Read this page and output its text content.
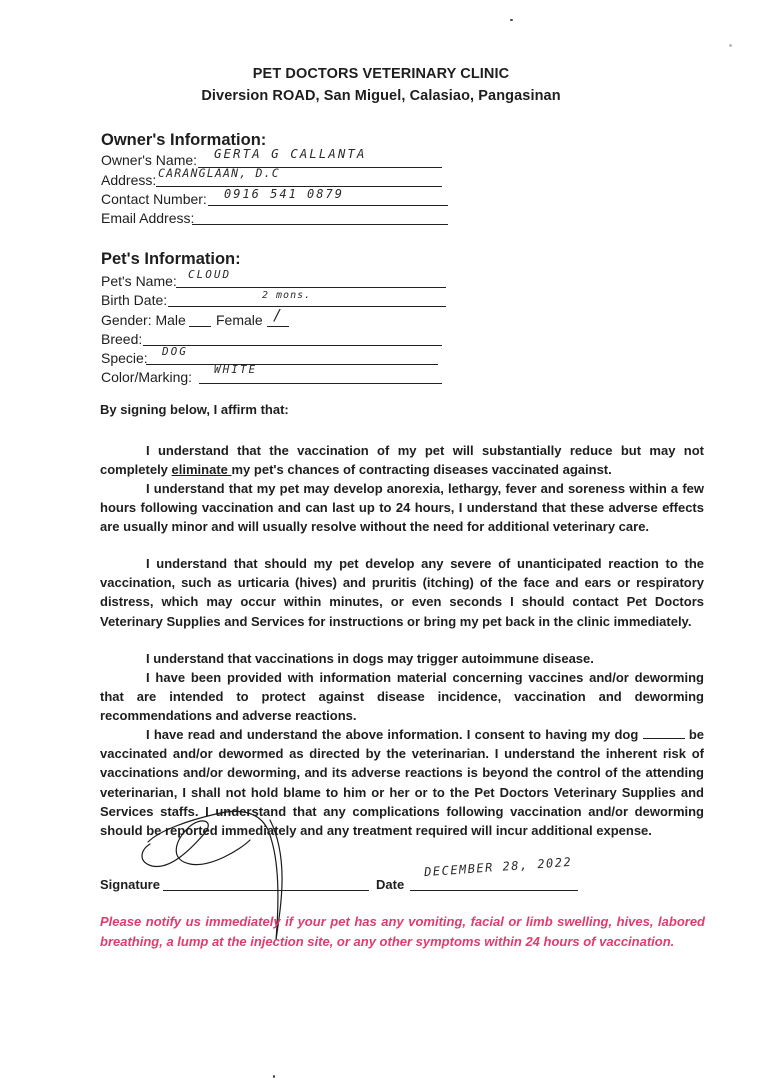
PET DOCTORS VETERINARY CLINIC
Diversion ROAD, San Miguel, Calasiao, Pangasinan
Owner's Information:
Owner's Name: GERTA G CALLANTA
Address: CARANGLAAN, D.C
Contact Number: 0916 541 0879
Email Address:
Pet's Information:
Pet's Name: CLOUD
Birth Date:	2 mons.
Gender: Male Female /
Breed:
Specie: DOG
Color/Marking: WHITE
By signing below, I affirm that:
I understand that the vaccination of my pet will substantially reduce but may not completely eliminate my pet's chances of contracting diseases vaccinated against.
I understand that my pet may develop anorexia, lethargy, fever and soreness within a few hours following vaccination and can last up to 24 hours, I understand that these adverse effects are usually minor and will usually resolve without the need for additional veterinary care.
I understand that should my pet develop any severe of unanticipated reaction to the vaccination, such as urticaria (hives) and pruritis (itching) of the face and ears or respiratory distress, which may occur within minutes, or even seconds I should contact Pet Doctors Veterinary Supplies and Services for instructions or bring my pet back in the clinic immediately.
I understand that vaccinations in dogs may trigger autoimmune disease.
I have been provided with information material concerning vaccines and/or deworming that are intended to protect against disease incidence, vaccination and deworming recommendations and adverse reactions.
I have read and understand the above information. I consent to having my dog	be vaccinated and/or dewormed as directed by the veterinarian. I understand the inherent risk of vaccinations and/or deworming, and its adverse reactions is beyond the control of the attending veterinarian, I shall not hold blame to him or her or to the Pet Doctors Veterinary Supplies and Services staffs. I understand that any complications following vaccination and/or deworming should be reported immediately and any treatment required will incur additional expense.
Signature	Date
DECEMBER 28, 2022
Please notify us immediately if your pet has any vomiting, facial or limb swelling, hives, labored breathing, a lump at the injection site, or any other symptoms within 24 hours of vaccination.
